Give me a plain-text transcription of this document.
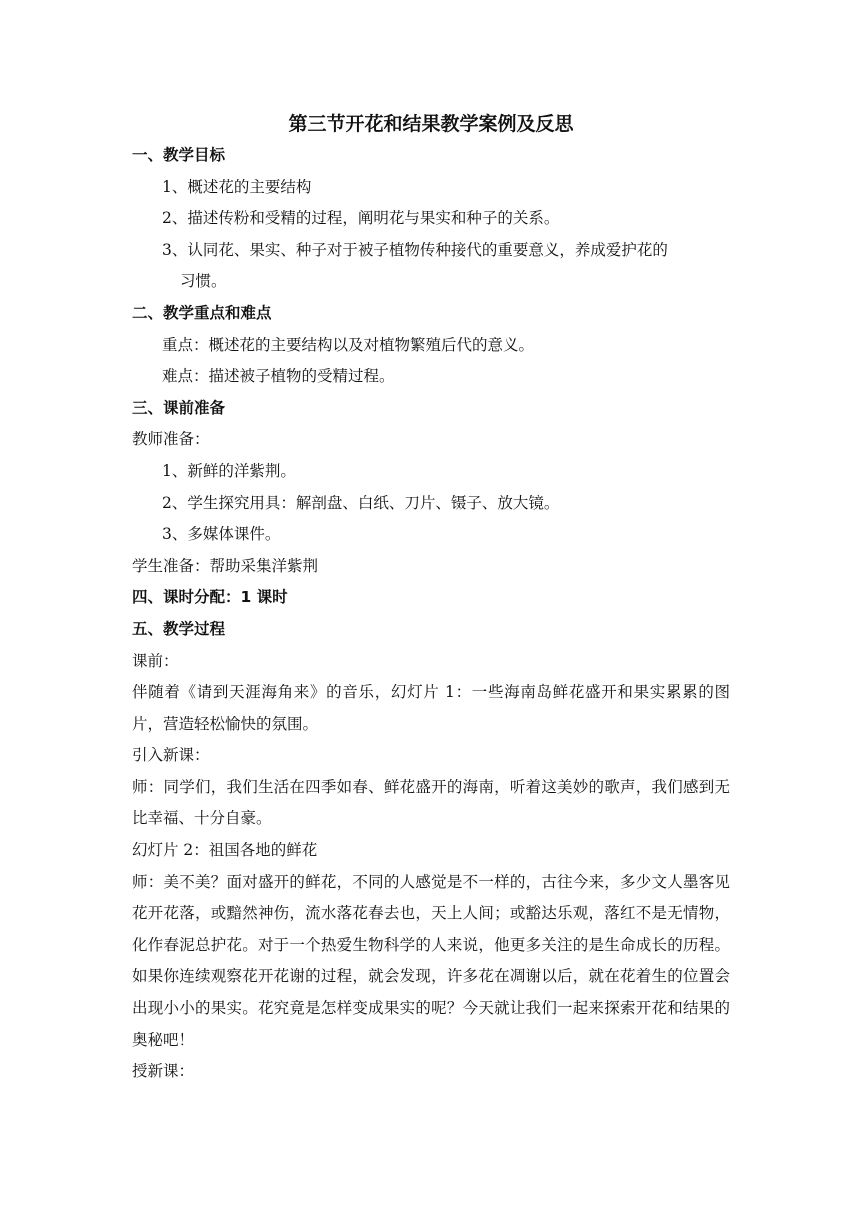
第三节开花和结果教学案例及反思

一、教学目标

1、概述花的主要结构

2、描述传粉和受精的过程，阐明花与果实和种子的关系。

3、认同花、果实、种子对于被子植物传种接代的重要意义，养成爱护花的

习惯。

二、教学重点和难点

重点：概述花的主要结构以及对植物繁殖后代的意义。

难点：描述被子植物的受精过程。

三、课前准备

教师准备：

1、新鲜的洋紫荆。

2、学生探究用具：解剖盘、白纸、刀片、镊子、放大镜。

3、多媒体课件。

学生准备：帮助采集洋紫荆

四、课时分配：1 课时

五、教学过程

课前：

伴随着《请到天涯海角来》的音乐，幻灯片 1：一些海南岛鲜花盛开和果实累累的图片，营造轻松愉快的氛围。

引入新课：

师：同学们，我们生活在四季如春、鲜花盛开的海南，听着这美妙的歌声，我们感到无比幸福、十分自豪。

幻灯片 2：祖国各地的鲜花

师：美不美？面对盛开的鲜花，不同的人感觉是不一样的，古往今来，多少文人墨客见花开花落，或黯然神伤，流水落花春去也，天上人间；或豁达乐观，落红不是无情物，化作春泥总护花。对于一个热爱生物科学的人来说，他更多关注的是生命成长的历程。如果你连续观察花开花谢的过程，就会发现，许多花在凋谢以后，就在花着生的位置会出现小小的果实。花究竟是怎样变成果实的呢？今天就让我们一起来探索开花和结果的奥秘吧！

授新课：
